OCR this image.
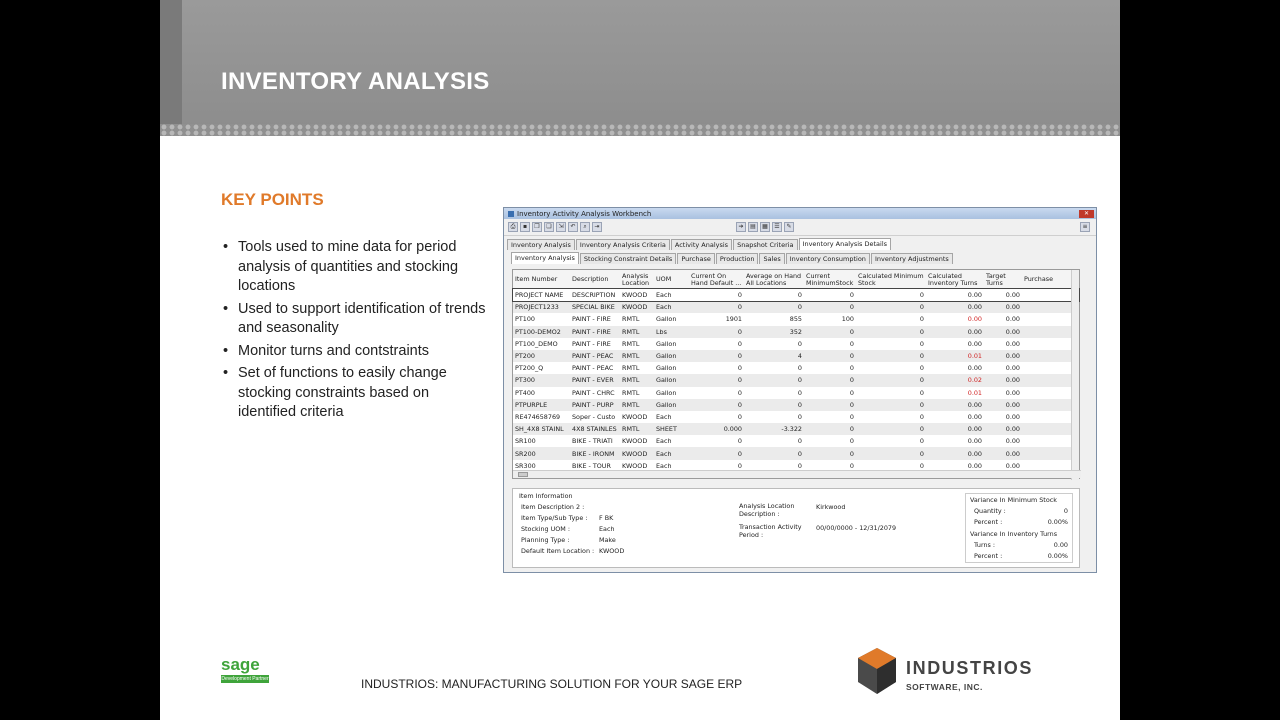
INVENTORY ANALYSIS
KEY POINTS
• Tools used to mine data for period analysis of quantities and stocking locations
• Used to support identification of trends and seasonality
• Monitor turns and contstraints
• Set of functions to easily change stocking constraints based on identified criteria
Inventory Activity Analysis Workbench	✕
⎙	▪	❐	❏	⇲	↶	⌕	⇥	➔	▤	▦	☰	✎	≡
Inventory Analysis	Inventory Analysis Criteria	Activity Analysis	Snapshot Criteria	Inventory Analysis Details
Inventory Analysis	Stocking Constraint Details	Purchase	Production	Sales	Inventory Consumption	Inventory Adjustments
Item Number	Description	Analysis Location	UOM	Current On Hand Default ...
Average on Hand All Locations
Current MinimumStock
Calculated Minimum Stock
Calculated Inventory Turns
Target Turns	Purchase
PROJECT NAME	DESCRIPTION	KWOOD	Each	0	0	0	0	0.00	0.00
PROJECT1233	SPECIAL BIKE	KWOOD	Each	0	0	0	0	0.00	0.00
PT100	PAINT - FIRE	RMTL	Gallon	1901	855	100	0	0.00	0.00
PT100-DEMO2	PAINT - FIRE	RMTL	Lbs	0	352	0	0	0.00	0.00
PT100_DEMO	PAINT - FIRE	RMTL	Gallon	0	0	0	0	0.00	0.00
PT200	PAINT - PEAC	RMTL	Gallon	0	4	0	0	0.01	0.00
PT200_Q	PAINT - PEAC	RMTL	Gallon	0	0	0	0	0.00	0.00
PT300	PAINT - EVER	RMTL	Gallon	0	0	0	0	0.02	0.00
PT400	PAINT - CHRC	RMTL	Gallon	0	0	0	0	0.01	0.00
PTPURPLE	PAINT - PURP	RMTL	Gallon	0	0	0	0	0.00	0.00
RE474658769	Soper - Custo	KWOOD	Each	0	0	0	0	0.00	0.00
SH_4X8 STAINL	4X8 STAINLES RMTL	SHEET	0.000	-3.322	0	0	0.00	0.00
SR100	BIKE - TRIATI	KWOOD	Each	0	0	0	0	0.00	0.00
SR200	BIKE - IRONM	KWOOD	Each	0	0	0	0	0.00	0.00
SR300	BIKE - TOUR	KWOOD	Each	0	0	0	0	0.00	0.00
Item Information
Item Description 2 :
Item Type/Sub Type : F BK
Stocking UOM :	Each
Planning Type :	Make
Default Item Location : KWOOD
Analysis Location Description :
Kirkwood
Transaction Activity Period :
00/00/0000 - 12/31/2079
Variance In Minimum Stock
Quantity :	0
Percent :	0.00%
Variance In Inventory Turns
Turns :	0.00
Percent :	0.00%
sage
Development Partner	INDUSTRIOS: MANUFACTURING SOLUTION FOR YOUR SAGE ERP
INDUSTRIOS
SOFTWARE, INC.
